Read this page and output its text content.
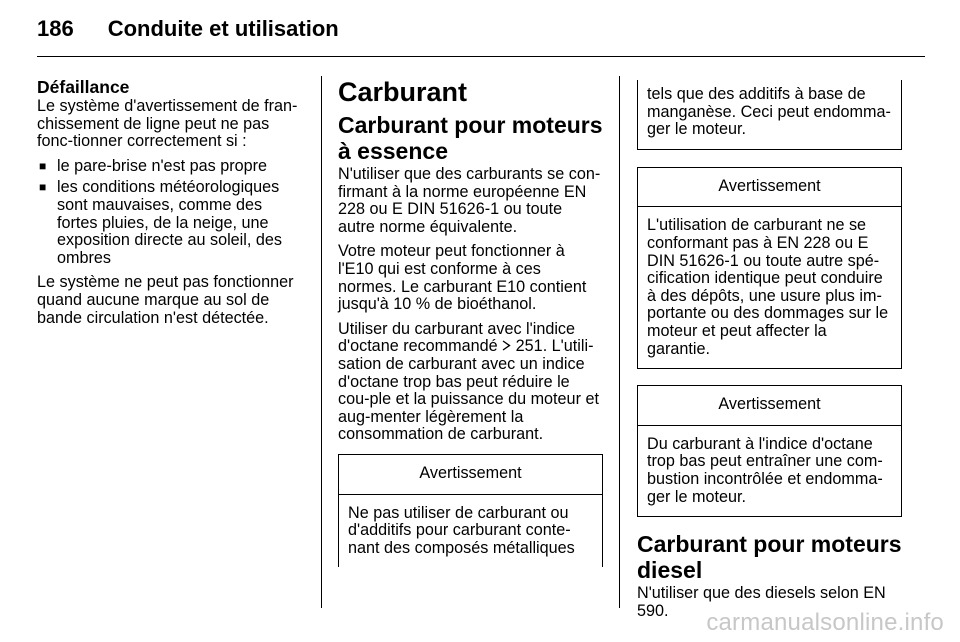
186 Conduite et utilisation
Défaillance

Le système d'avertissement de fran-chissement de ligne peut ne pas fonc-tionner correctement si :

■ le pare-brise n'est pas propre
■ les conditions météorologiques sont mauvaises, comme des fortes pluies, de la neige, une exposition directe au soleil, des ombres

Le système ne peut pas fonctionner quand aucune marque au sol de bande circulation n'est détectée.

Carburant
Carburant pour moteurs à essence

N'utiliser que des carburants se con-firmant à la norme européenne EN 228 ou E DIN 51626-1 ou toute autre norme équivalente.

Votre moteur peut fonctionner à l'E10 qui est conforme à ces normes. Le carburant E10 contient jusqu'à 10 % de bioéthanol.

Utiliser du carburant avec l'indice d'octane recommandé 251. L'utili-sation de carburant avec un indice d'octane trop bas peut réduire le cou-ple et la puissance du moteur et aug-menter légèrement la consommation de carburant.

Avertissement
Ne pas utiliser de carburant ou d'additifs pour carburant conte-nant des composés métalliques
tels que des additifs à base de manganèse. Ceci peut endomma-ger le moteur.
Avertissement
L'utilisation de carburant ne se conformant pas à EN 228 ou E DIN 51626-1 ou toute autre spé-cification identique peut conduire à des dépôts, une usure plus im-portante ou des dommages sur le moteur et peut affecter la garantie.
Avertissement
Du carburant à l'indice d'octane trop bas peut entraîner une com-bustion incontrôlée et endomma-ger le moteur.
Carburant pour moteurs diesel

N'utiliser que des diesels selon EN 590.	carmanualsonline.info
